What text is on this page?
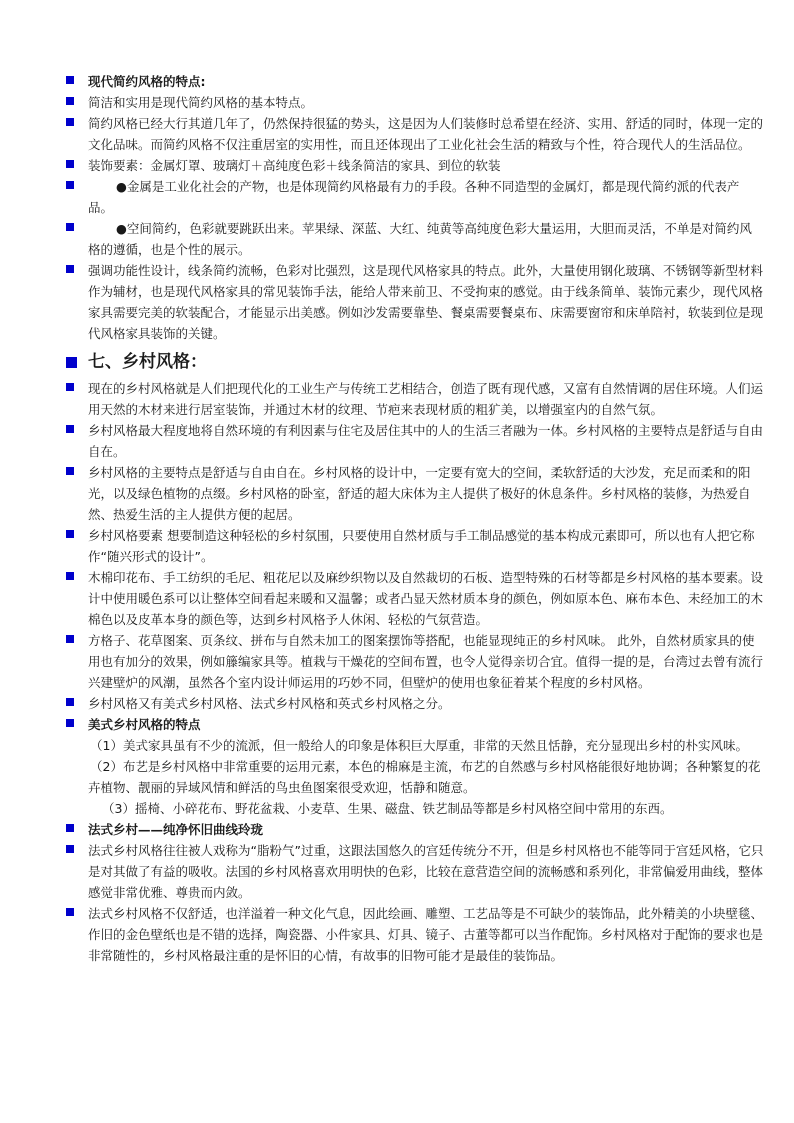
现代简约风格的特点:

简洁和实用是现代简约风格的基本特点。

简约风格已经大行其道几年了，仍然保持很猛的势头，这是因为人们装修时总希望在经济、实用、舒适的同时，体现一定的文化品味。而简约风格不仅注重居室的实用性，而且还体现出了工业化社会生活的精致与个性，符合现代人的生活品位。

装饰要素：金属灯罩、玻璃灯＋高纯度色彩＋线条简洁的家具、到位的软装

●金属是工业化社会的产物，也是体现简约风格最有力的手段。各种不同造型的金属灯，都是现代简约派的代表产品。

●空间简约，色彩就要跳跃出来。苹果绿、深蓝、大红、纯黄等高纯度色彩大量运用，大胆而灵活，不单是对简约风格的遵循，也是个性的展示。

强调功能性设计，线条简约流畅，色彩对比强烈，这是现代风格家具的特点。此外，大量使用钢化玻璃、不锈钢等新型材料作为辅材，也是现代风格家具的常见装饰手法，能给人带来前卫、不受拘束的感觉。由于线条简单、装饰元素少，现代风格家具需要完美的软装配合，才能显示出美感。例如沙发需要靠垫、餐桌需要餐桌布、床需要窗帘和床单陪衬，软装到位是现代风格家具装饰的关键。

七、乡村风格：

现在的乡村风格就是人们把现代化的工业生产与传统工艺相结合，创造了既有现代感，又富有自然情调的居住环境。人们运用天然的木材来进行居室装饰，并通过木材的纹理、节疤来表现材质的粗犷美，以增强室内的自然气氛。

乡村风格最大程度地将自然环境的有利因素与住宅及居住其中的人的生活三者融为一体。乡村风格的主要特点是舒适与自由自在。

乡村风格的主要特点是舒适与自由自在。乡村风格的设计中，一定要有宽大的空间，柔软舒适的大沙发，充足而柔和的阳光，以及绿色植物的点缀。乡村风格的卧室，舒适的超大床体为主人提供了极好的休息条件。乡村风格的装修，为热爱自然、热爱生活的主人提供方便的起居。

乡村风格要素 想要制造这种轻松的乡村氛围，只要使用自然材质与手工制品感觉的基本构成元素即可，所以也有人把它称作“随兴形式的设计”。

木棉印花布、手工纺织的毛尼、粗花尼以及麻纱织物以及自然裁切的石板、造型特殊的石材等都是乡村风格的基本要素。设计中使用暖色系可以让整体空间看起来暖和又温馨；或者凸显天然材质本身的颜色，例如原本色、麻布本色、未经加工的木棉色以及皮革本身的颜色等，达到乡村风格予人休闲、轻松的气氛营造。

方格子、花草图案、页条纹、拼布与自然未加工的图案摆饰等搭配，也能显现纯正的乡村风味。 此外，自然材质家具的使用也有加分的效果，例如籐编家具等。植栽与干燥花的空间布置，也令人觉得亲切合宜。值得一提的是，台湾过去曾有流行兴建壁炉的风潮，虽然各个室内设计师运用的巧妙不同，但壁炉的使用也象征着某个程度的乡村风格。

乡村风格又有美式乡村风格、法式乡村风格和英式乡村风格之分。

美式乡村风格的特点

（1）美式家具虽有不少的流派，但一般给人的印象是体积巨大厚重，非常的天然且恬静，充分显现出乡村的朴实风味。

（2）布艺是乡村风格中非常重要的运用元素，本色的棉麻是主流，布艺的自然感与乡村风格能很好地协调；各种繁复的花卉植物、靓丽的异域风情和鲜活的鸟虫鱼图案很受欢迎，恬静和随意。

（3）摇椅、小碎花布、野花盆栽、小麦草、生果、磁盘、铁艺制品等都是乡村风格空间中常用的东西。

法式乡村——纯净怀旧曲线玲珑

法式乡村风格往往被人戏称为“脂粉气”过重，这跟法国悠久的宫廷传统分不开，但是乡村风格也不能等同于宫廷风格，它只是对其做了有益的吸收。法国的乡村风格喜欢用明快的色彩，比较在意营造空间的流畅感和系列化，非常偏爱用曲线，整体感觉非常优雅、尊贵而内敛。

法式乡村风格不仅舒适，也洋溢着一种文化气息，因此绘画、雕塑、工艺品等是不可缺少的装饰品，此外精美的小块壁毯、作旧的金色壁纸也是不错的选择，陶瓷器、小件家具、灯具、镜子、古董等都可以当作配饰。乡村风格对于配饰的要求也是非常随性的，乡村风格最注重的是怀旧的心情，有故事的旧物可能才是最佳的装饰品。
